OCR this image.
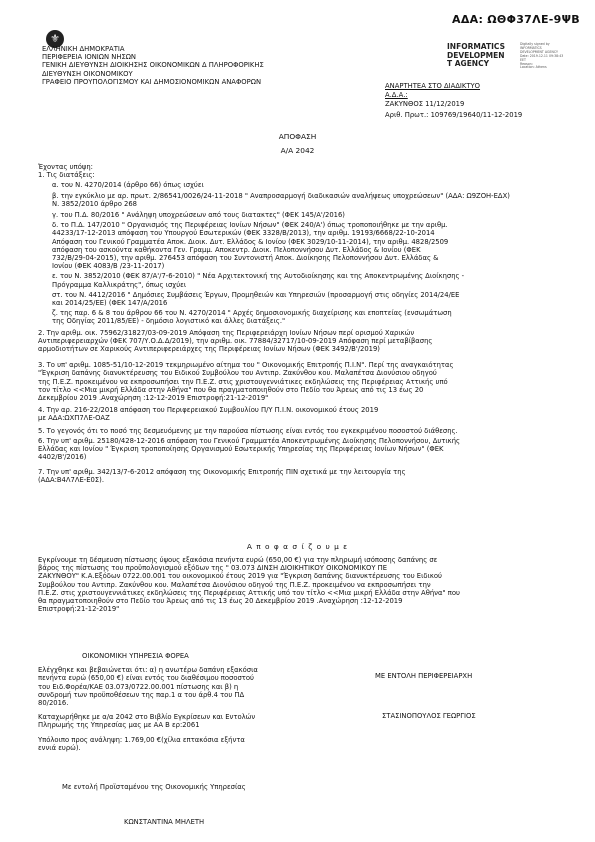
ΑΔΑ: ΩΘΦ37ΛΕ-9ΨΒ
⚜
ΕΛΛΗΝΙΚΗ ΔΗΜΟΚΡΑΤΙΑ
ΠΕΡΙΦΕΡΕΙΑ ΙΟΝΙΩΝ ΝΗΣΩΝ
ΓΕΝΙΚΗ ΔΙΕΥΘΥΝΣΗ ΔΙΟΙΚΗΣΗΣ ΟΙΚΟΝΟΜΙΚΩΝ Δ ΠΛΗΡΟΦΟΡΙΚΗΣ
ΔΙΕΥΘΥΝΣΗ ΟΙΚΟΝΟΜΙΚΟΥ
ΓΡΑΦΕΙΟ ΠΡΟΥΠΟΛΟΓΙΣΜΟΥ ΚΑΙ ΔΗΜΟΣΙΟΝΟΜΙΚΩΝ ΑΝΑΦΟΡΩΝ
INFORMATICS
DEVELOPMEN
T AGENCY
Digitally signed by
INFORMATICS
DEVELOPMENT AGENCY
Date: 2019.12.11 09:38:43
EET
Reason:
Location: Athens
ΑΝΑΡΤΗΤΕΑ ΣΤΟ ΔΙΑΔΙΚΤΥΟ
Α.Δ.Α.:
ΖΑΚΥΝΘΟΣ 11/12/2019
Αριθ. Πρωτ.: 109769/19640/11-12-2019
ΑΠΟΦΑΣΗ
Α/Α 2042
Έχοντας υπόψη:
1. Τις διατάξεις:
α. του Ν. 4270/2014 (άρθρο 66) όπως ισχύει
β. την εγκύκλιο με αρ. πρωτ. 2/86541/0026/24-11-2018 " Αναπροσαρμογή διαδικασιών αναλήψεως υποχρεώσεων" (ΑΔΑ: Ω9ΖΟΗ-ΕΔΧ)
Ν. 3852/2010 άρθρο 268
γ. του Π.Δ. 80/2016 " Ανάληψη υποχρεώσεων από τους διατακτες" (ΦΕΚ 145/Α'/2016)
δ. το Π.Δ. 147/2010 " Οργανισμός της Περιφέρειας Ιονίων Νήσων" (ΦΕΚ 240/Α') όπως τροποποιήθηκε με την αριθμ.
44233/17-12-2013 απόφαση του Υπουργού Εσωτερικών (ΦΕΚ 3328/Β/2013), την αριθμ. 19193/6668/22-10-2014
Απόφαση του Γενικού Γραμματέα Αποκ. Διοικ. Δυτ. Ελλάδος & Ιονίου (ΦΕΚ 3029/10-11-2014), την αριθμ. 4828/2509
απόφαση του ασκούντα καθήκοντα Γεν. Γραμμ. Αποκεντρ. Διοικ. Πελοποννήσου Δυτ. Ελλάδος & Ιονίου (ΦΕΚ
732/Β/29-04-2015), την αριθμ. 276453 απόφαση του Συντονιστή Αποκ. Διοίκησης Πελοποννήσου Δυτ. Ελλάδας &
Ιονίου (ΦΕΚ 4083/Β /23-11-2017)
ε. του Ν. 3852/2010 (ΦΕΚ 87/Α'/7-6-2010) " Νέα Αρχιτεκτονική της Αυτοδιοίκησης και της Αποκεντρωμένης Διοίκησης -
Πρόγραμμα Καλλικράτης", όπως ισχύει
στ. του Ν. 4412/2016 " Δημόσιες Συμβάσεις Έργων, Προμηθειών και Υπηρεσιών (προσαρμογή στις οδηγίες 2014/24/ΕΕ
και 2014/25/ΕΕ) (ΦΕΚ 147/Α/2016
ζ. της παρ. 6 & 8 του άρθρου 66 του Ν. 4270/2014 " Αρχές δημοσιονομικής διαχείρισης και εποπτείας (ενσωμάτωση
της Οδηγίας 2011/85/ΕΕ) - δημόσιο λογιστικό και άλλες διατάξεις."
2. Την αριθμ. οικ. 75962/31827/03-09-2019 Απόφαση της Περιφερειάρχη Ιονίων Νήσων περί ορισμού Χαρικών
Αντιπεριφερειαρχών (ΦΕΚ 707/Υ.Ο.Δ.Δ/2019), την αριθμ. οικ. 77884/32717/10-09-2019 Απόφαση περί μεταβίβασης
αρμοδιοτήτων σε Χαρικούς Αντιπεριφερειάρχες της Περιφέρειας Ιονίων Νήσων (ΦΕΚ 3492/Β'/2019)
3. Το υπ' αριθμ. 1085-51/10-12-2019 τεκμηριωμένο αίτημα του " Οικονομικής Επιτροπής Π.Ι.Ν". Περί της αναγκαιότητας
"Έγκριση δαπάνης διανυκτέρευσης του Ειδικού Συμβούλου του Αντιπρ. Ζακύνθου κου. Μαλαπέτσα Διονύσιου οδηγού
της Π.Ε.Ζ. προκειμένου να εκπροσωπήσει την Π.Ε.Ζ. στις χριστουγεννιάτικες εκδηλώσεις της Περιφέρειας Αττικής υπό
τον τίτλο <<Μια μικρή Ελλάδα στην Αθήνα" που θα πραγματοποιηθούν στο Πεδίο του Άρεως από τις 13 έως 20
Δεκεμβρίου 2019 .Αναχώρηση :12-12-2019 Επιστροφή:21-12-2019"
4. Την αρ. 216-22/2018 απόφαση του Περιφερειακού Συμβουλίου Π/Υ Π.Ι.Ν. οικονομικού έτους 2019
με ΑΔΑ:ΩΧΠ7ΛΕ-ΟΑΖ
5. Το γεγονός ότι το ποσό της δεσμευόμενης με την παρούσα πίστωσης είναι εντός του εγκεκριμένου ποσοστού διάθεσης.
6. Την υπ' αριθμ. 25180/428-12-2016 απόφαση του Γενικού Γραμματέα Αποκεντρωμένης Διοίκησης Πελοποννήσου, Δυτικής
Ελλάδας και Ιονίου " Έγκριση τροποποίησης Οργανισμού Εσωτερικής Υπηρεσίας της Περιφέρειας Ιονίων Νήσων" (ΦΕΚ
4402/Β'/2016)
7. Την υπ' αριθμ. 342/13/7-6-2012 απόφαση της Οικονομικής Επιτροπής ΠΙΝ σχετικά με την λειτουργία της
(ΑΔΑ:Β4Λ7ΛΕ-Ε0Σ).
Α π ο φ α σ ί ζ ο υ μ ε
Εγκρίνουμε τη δέσμευση πίστωσης ύψους εξακόσια πενήντα ευρώ (650,00 €) για την πληρωμή ισόποσης δαπάνης σε
βάρος της πίστωσης του προϋπολογισμού εξόδων της " 03.073 ΔΙΝΣΗ ΔΙΟΙΚΗΤΙΚΟΥ ΟΙΚΟΝΟΜΙΚΟΥ ΠΕ
ΖΑΚΥΝΘΟΥ" Κ.Α.Εξόδων 0722.00.001 του οικονομικού έτους 2019 για "Έγκριση δαπάνης διανυκτέρευσης του Ειδικού
Συμβούλου του Αντιπρ. Ζακύνθου κου. Μαλαπέτσα Διονύσιου οδηγού της Π.Ε.Ζ. προκειμένου να εκπροσωπήσει την
Π.Ε.Ζ. στις χριστουγεννιάτικες εκδηλώσεις της Περιφέρειας Αττικής υπό τον τίτλο <<Μια μικρή Ελλάδα στην Αθήνα" που
θα πραγματοποιηθούν στο Πεδίο του Άρεως από τις 13 έως 20 Δεκεμβρίου 2019 .Αναχώρηση :12-12-2019
Επιστροφή:21-12-2019"
ΟΙΚΟΝΟΜΙΚΗ ΥΠΗΡΕΣΙΑ ΦΟΡΕΑ
Ελέγχθηκε και βεβαιώνεται ότι: α) η ανωτέρω δαπάνη εξακόσια
πενήντα ευρώ (650,00 €) είναι εντός του διαθέσιμου ποσοστού
του Ειδ.Φορέα/ΚΑΕ 03.073/0722.00.001 πίστωσης και β) η
συνδρομή των προϋποθέσεων της παρ.1 α του άρθ.4 του ΠΔ
80/2016.
Καταχωρήθηκε με α/α 2042 στο Βιβλίο Εγκρίσεων και Εντολών
Πληρωμής της Υπηρεσίας μας με ΑΑ Β ερ:2061
Υπόλοιπο προς ανάληψη: 1.769,00 €(χίλια επτακόσια εξήντα
εννιά ευρώ).
Με εντολή Προϊσταμένου της Οικονομικής Υπηρεσίας
ΚΩΝΣΤΑΝΤΙΝΑ ΜΗΛΕΤΗ
ΜΕ ΕΝΤΟΛΗ ΠΕΡΙΦΕΡΕΙΑΡΧΗ
ΣΤΑΣΙΝΟΠΟΥΛΟΣ ΓΕΩΡΓΙΟΣ
